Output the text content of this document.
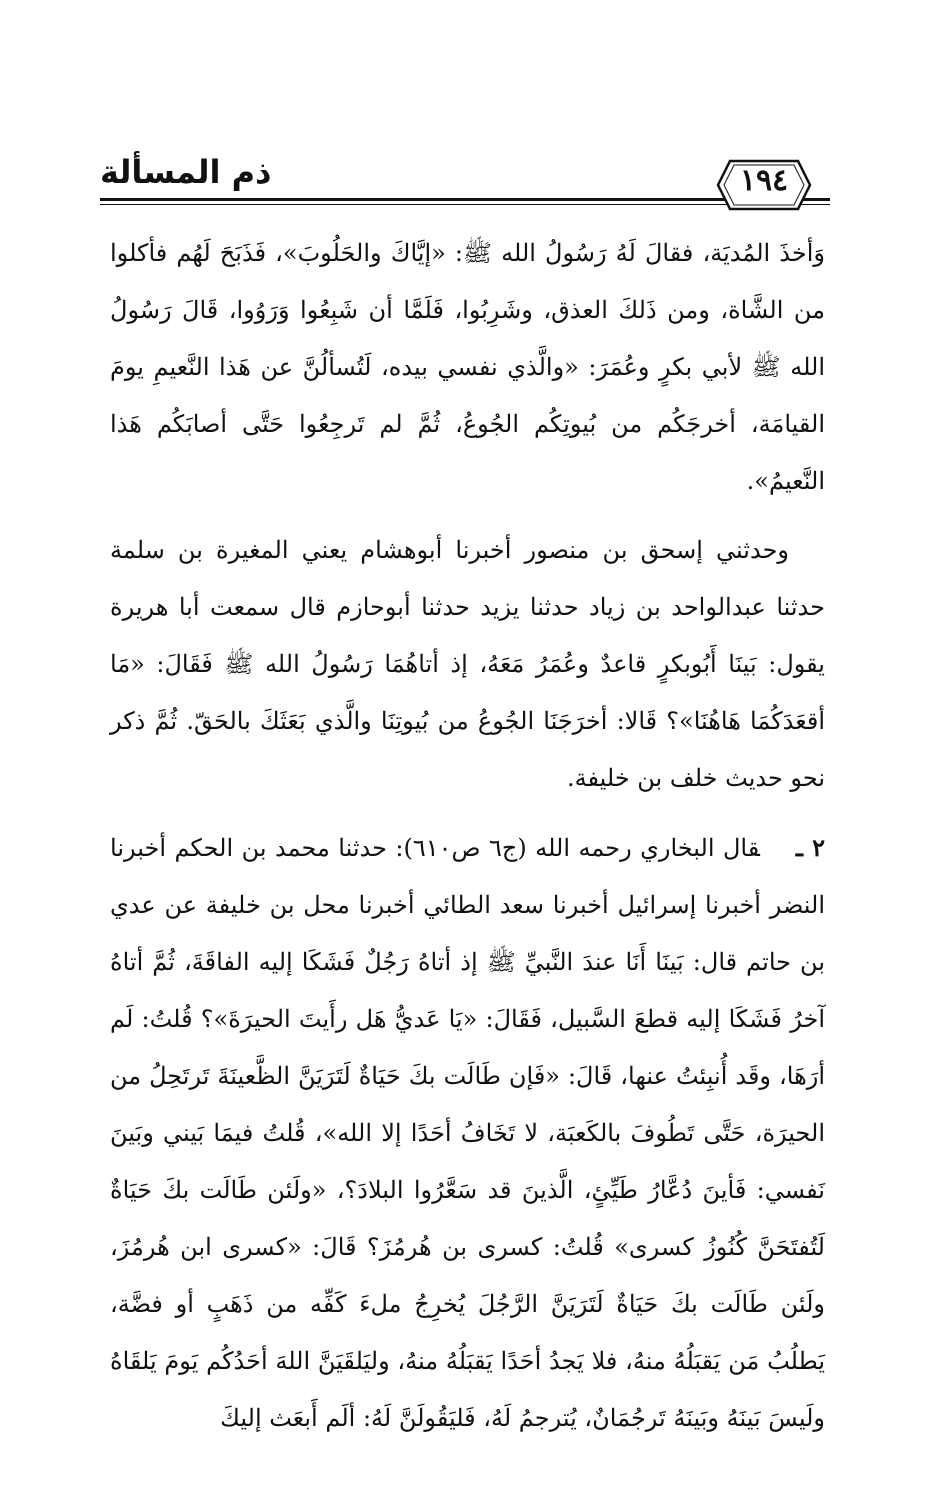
ذم المسألة	١٩٤

وَأخذَ المُديَة، فقالَ لَهُ رَسُولُ الله ﷺ: «إيَّاكَ والحَلُوبَ»، فَذَبَحَ لَهُم فأكلوا من الشَّاة، ومن ذَلكَ العذق، وشَرِبُوا، فَلَمَّا أن شَبِعُوا وَرَوُوا، قَالَ رَسُولُ الله ﷺ لأبي بكرٍ وعُمَرَ: «والَّذي نفسي بيده، لَتُسألُنَّ عن هَذا النَّعيمِ يومَ القيامَة، أخرجَكُم من بُيوتِكُم الجُوعُ، ثُمَّ لم تَرجِعُوا حَتَّى أصابَكُم هَذا النَّعيمُ».

وحدثني إسحق بن منصور أخبرنا أبوهشام يعني المغيرة بن سلمة حدثنا عبدالواحد بن زياد حدثنا يزيد حدثنا أبوحازم قال سمعت أبا هريرة يقول: بَينَا أَبُوبكرٍ قاعدٌ وعُمَرُ مَعَهُ، إذ أتاهُمَا رَسُولُ الله ﷺ فَقَالَ: «مَا أقعَدَكُمَا هَاهُنَا»؟ قَالا: أخرَجَنَا الجُوعُ من بُيوتِنَا والَّذي بَعَثَكَ بالحَقّ. ثُمَّ ذكر نحو حديث خلف بن خليفة.

٢ ـقال البخاري رحمه الله (ج٦ ص٦١٠): حدثنا محمد بن الحكم أخبرنا النضر أخبرنا إسرائيل أخبرنا سعد الطائي أخبرنا محل بن خليفة عن عدي بن حاتم قال: بَينَا أَنَا عندَ النَّبيِّ ﷺ إذ أتاهُ رَجُلٌ فَشَكَا إليه الفاقَةَ، ثُمَّ أتاهُ آخرُ فَشَكَا إليه قطعَ السَّبيل، فَقَالَ: «يَا عَديُّ هَل رأَيتَ الحيرَةَ»؟ قُلتُ: لَم أرَهَا، وقَد أُنبِئتُ عنها، قَالَ: «فَإن طَالَت بكَ حَيَاةٌ لَتَرَيَنَّ الظَّعينَةَ تَرتَحِلُ من الحيرَة، حَتَّى تَطُوفَ بالكَعبَة، لا تَخَافُ أحَدًا إلا الله»، قُلتُ فيمَا بَيني وبَينَ نَفسي: فَأينَ دُعَّارُ طَيِّئٍ، الَّذينَ قد سَعَّرُوا البلادَ؟، «ولَئن طَالَت بكَ حَيَاةٌ لَتُفتَحَنَّ كُنُوزُ كسرى» قُلتُ: كسرى بن هُرمُزَ؟ قَالَ: «كسرى ابن هُرمُزَ، ولَئن طَالَت بكَ حَيَاةٌ لَتَرَيَنَّ الرَّجُلَ يُخرِجُ ملءَ كَفِّه من ذَهَبٍ أو فضَّة، يَطلُبُ مَن يَقبَلُهُ منهُ، فلا يَجدُ أحَدًا يَقبَلُهُ منهُ، وليَلقَيَنَّ اللهَ أحَدُكُم يَومَ يَلقَاهُ ولَيسَ بَينَهُ وبَينَهُ تَرجُمَانٌ، يُترجمُ لَهُ، فَليَقُولَنَّ لَهُ: ألَم أَبعَث إليكَ
